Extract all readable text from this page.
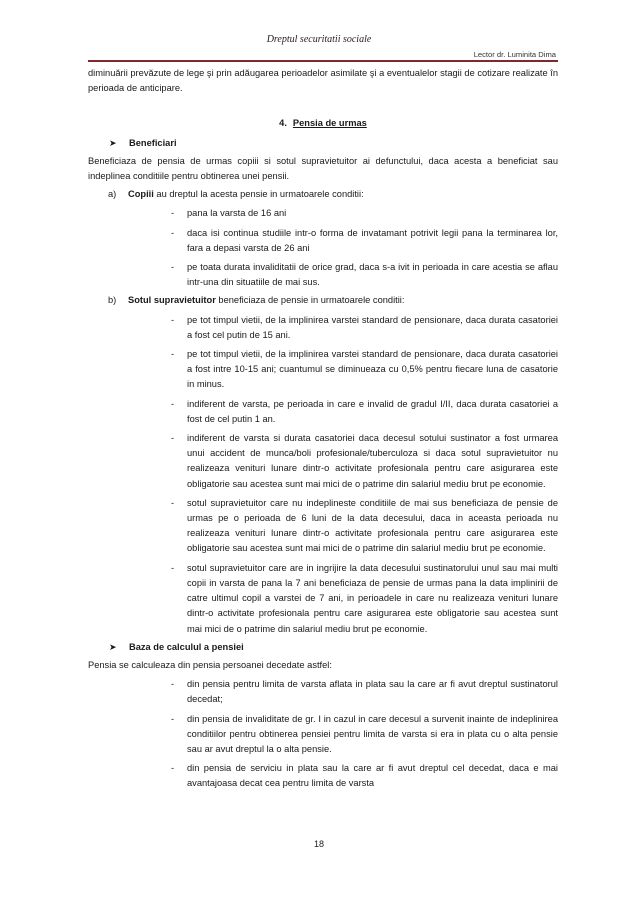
Dreptul securitatii sociale
Lector dr. Luminita Dima

diminuării prevăzute de lege şi prin adăugarea perioadelor asimilate şi a eventualelor stagii de cotizare realizate în perioada de anticipare.

4. Pensia de urmas
➤ Beneficiari

Beneficiaza de pensia de urmas copiii si sotul supravietuitor ai defunctului, daca acesta a beneficiat sau indeplinea conditiile pentru obtinerea unei pensii.

a) Copiii au dreptul la acesta pensie in urmatoarele conditii:
- pana la varsta de 16 ani
- daca isi continua studiile intr-o forma de invatamant potrivit legii pana la terminarea lor, fara a depasi varsta de 26 ani
- pe toata durata invaliditatii de orice grad, daca s-a ivit in perioada in care acestia se aflau intr-una din situatiile de mai sus.
b) Sotul supravietuitor beneficiaza de pensie in urmatoarele conditii:
- pe tot timpul vietii, de la implinirea varstei standard de pensionare, daca durata casatoriei a fost cel putin de 15 ani.
- pe tot timpul vietii, de la implinirea varstei standard de pensionare, daca durata casatoriei a fost intre 10-15 ani; cuantumul se diminueaza cu 0,5% pentru fiecare luna de casatorie in minus.
- indiferent de varsta, pe perioada in care e invalid de gradul I/II, daca durata casatoriei a fost de cel putin 1 an.
- indiferent de varsta si durata casatoriei daca decesul sotului sustinator a fost urmarea unui accident de munca/boli profesionale/tuberculoza si daca sotul supravietuitor nu realizeaza venituri lunare dintr-o activitate profesionala pentru care asigurarea este obligatorie sau acestea sunt mai mici de o patrime din salariul mediu brut pe economie.
- sotul supravietuitor care nu indeplineste conditiile de mai sus beneficiaza de pensie de urmas pe o perioada de 6 luni de la data decesului, daca in aceasta perioada nu realizeaza venituri lunare dintr-o activitate profesionala pentru care asigurarea este obligatorie sau acestea sunt mai mici de o patrime din salariul mediu brut pe economie.
- sotul supravietuitor care are in ingrijire la data decesului sustinatorului unul sau mai multi copii in varsta de pana la 7 ani beneficiaza de pensie de urmas pana la data implinirii de catre ultimul copil a varstei de 7 ani, in perioadele in care nu realizeaza venituri lunare dintr-o activitate profesionala pentru care asigurarea este obligatorie sau acestea sunt mai mici de o patrime din salariul mediu brut pe economie.
➤ Baza de calculul a pensiei

Pensia se calculeaza din pensia persoanei decedate astfel:

- din pensia pentru limita de varsta aflata in plata sau la care ar fi avut dreptul sustinatorul decedat;
- din pensia de invaliditate de gr. I in cazul in care decesul a survenit inainte de indeplinirea conditiilor pentru obtinerea pensiei pentru limita de varsta si era in plata cu o alta pensie sau ar avut dreptul la o alta pensie.
- din pensia de serviciu in plata sau la care ar fi avut dreptul cel decedat, daca e mai avantajoasa decat cea pentru limita de varsta
18
